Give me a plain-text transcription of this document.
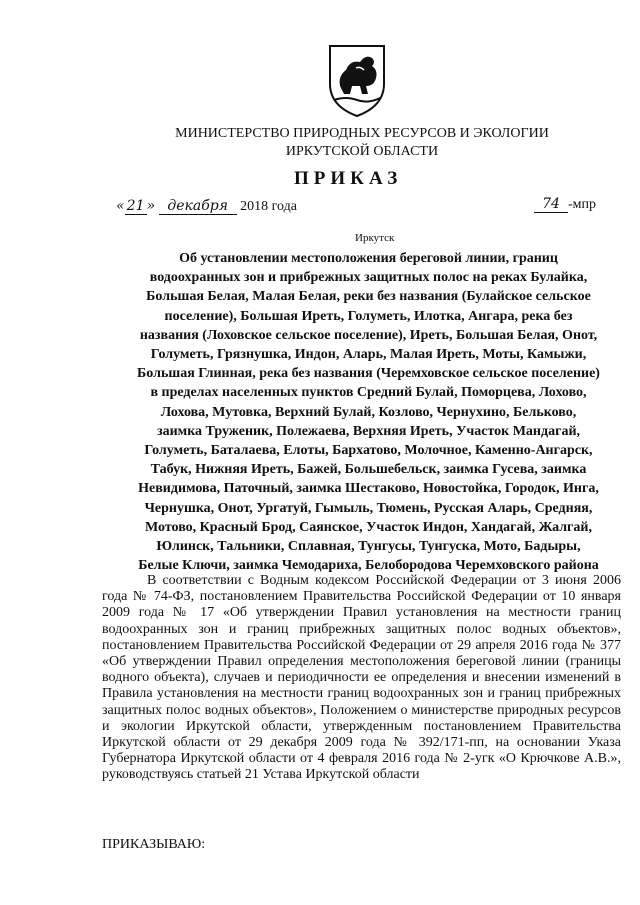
МИНИСТЕРСТВО ПРИРОДНЫХ РЕСУРСОВ И ЭКОЛОГИИ
ИРКУТСКОЙ ОБЛАСТИ
ПРИКАЗ
« 21 » декабря 2018 года	74 -мпр
Иркутск
Об установлении местоположения береговой линии, границ
водоохранных зон и прибрежных защитных полос на реках Булайка,
Большая Белая, Малая Белая, реки без названия (Булайское сельское
поселение), Большая Иреть, Голуметь, Илотка, Ангара, река без
названия (Лоховское сельское поселение), Иреть, Большая Белая, Онот,
Голуметь, Грязнушка, Индон, Аларь, Малая Иреть, Моты, Камыжи,
Большая Глинная, река без названия (Черемховское сельское поселение)
в пределах населенных пунктов Средний Булай, Поморцева, Лохово,
Лохова, Мутовка, Верхний Булай, Козлово, Чернухино, Бельково,
заимка Труженик, Полежаева, Верхняя Иреть, Участок Мандагай,
Голуметь, Баталаева, Елоты, Бархатово, Молочное, Каменно-Ангарск,
Табук, Нижняя Иреть, Бажей, Большебельск, заимка Гусева, заимка
Невидимова, Паточный, заимка Шестаково, Новостойка, Городок, Инга,
Чернушка, Онот, Ургатуй, Гымыль, Тюмень, Русская Аларь, Средняя,
Мотово, Красный Брод, Саянское, Участок Индон, Хандагай, Жалгай,
Юлинск, Тальники, Сплавная, Тунгусы, Тунгуска, Мото, Бадыры,
Белые Ключи, заимка Чемодариха, Белобородова Черемховского района

В соответствии с Водным кодексом Российской Федерации от 3 июня 2006 года № 74-ФЗ, постановлением Правительства Российской Федерации от 10 января 2009 года № 17 «Об утверждении Правил установления на местности границ водоохранных зон и границ прибрежных защитных полос водных объектов», постановлением Правительства Российской Федерации от 29 апреля 2016 года № 377 «Об утверждении Правил определения местоположения береговой линии (границы водного объекта), случаев и периодичности ее определения и внесении изменений в Правила установления на местности границ водоохранных зон и границ прибрежных защитных полос водных объектов», Положением о министерстве природных ресурсов и экологии Иркутской области, утвержденным постановлением Правительства Иркутской области от 29 декабря 2009 года № 392/171-пп, на основании Указа Губернатора Иркутской области от 4 февраля 2016 года № 2-угк «О Крючкове А.В.», руководствуясь статьей 21 Устава Иркутской области

ПРИКАЗЫВАЮ:
